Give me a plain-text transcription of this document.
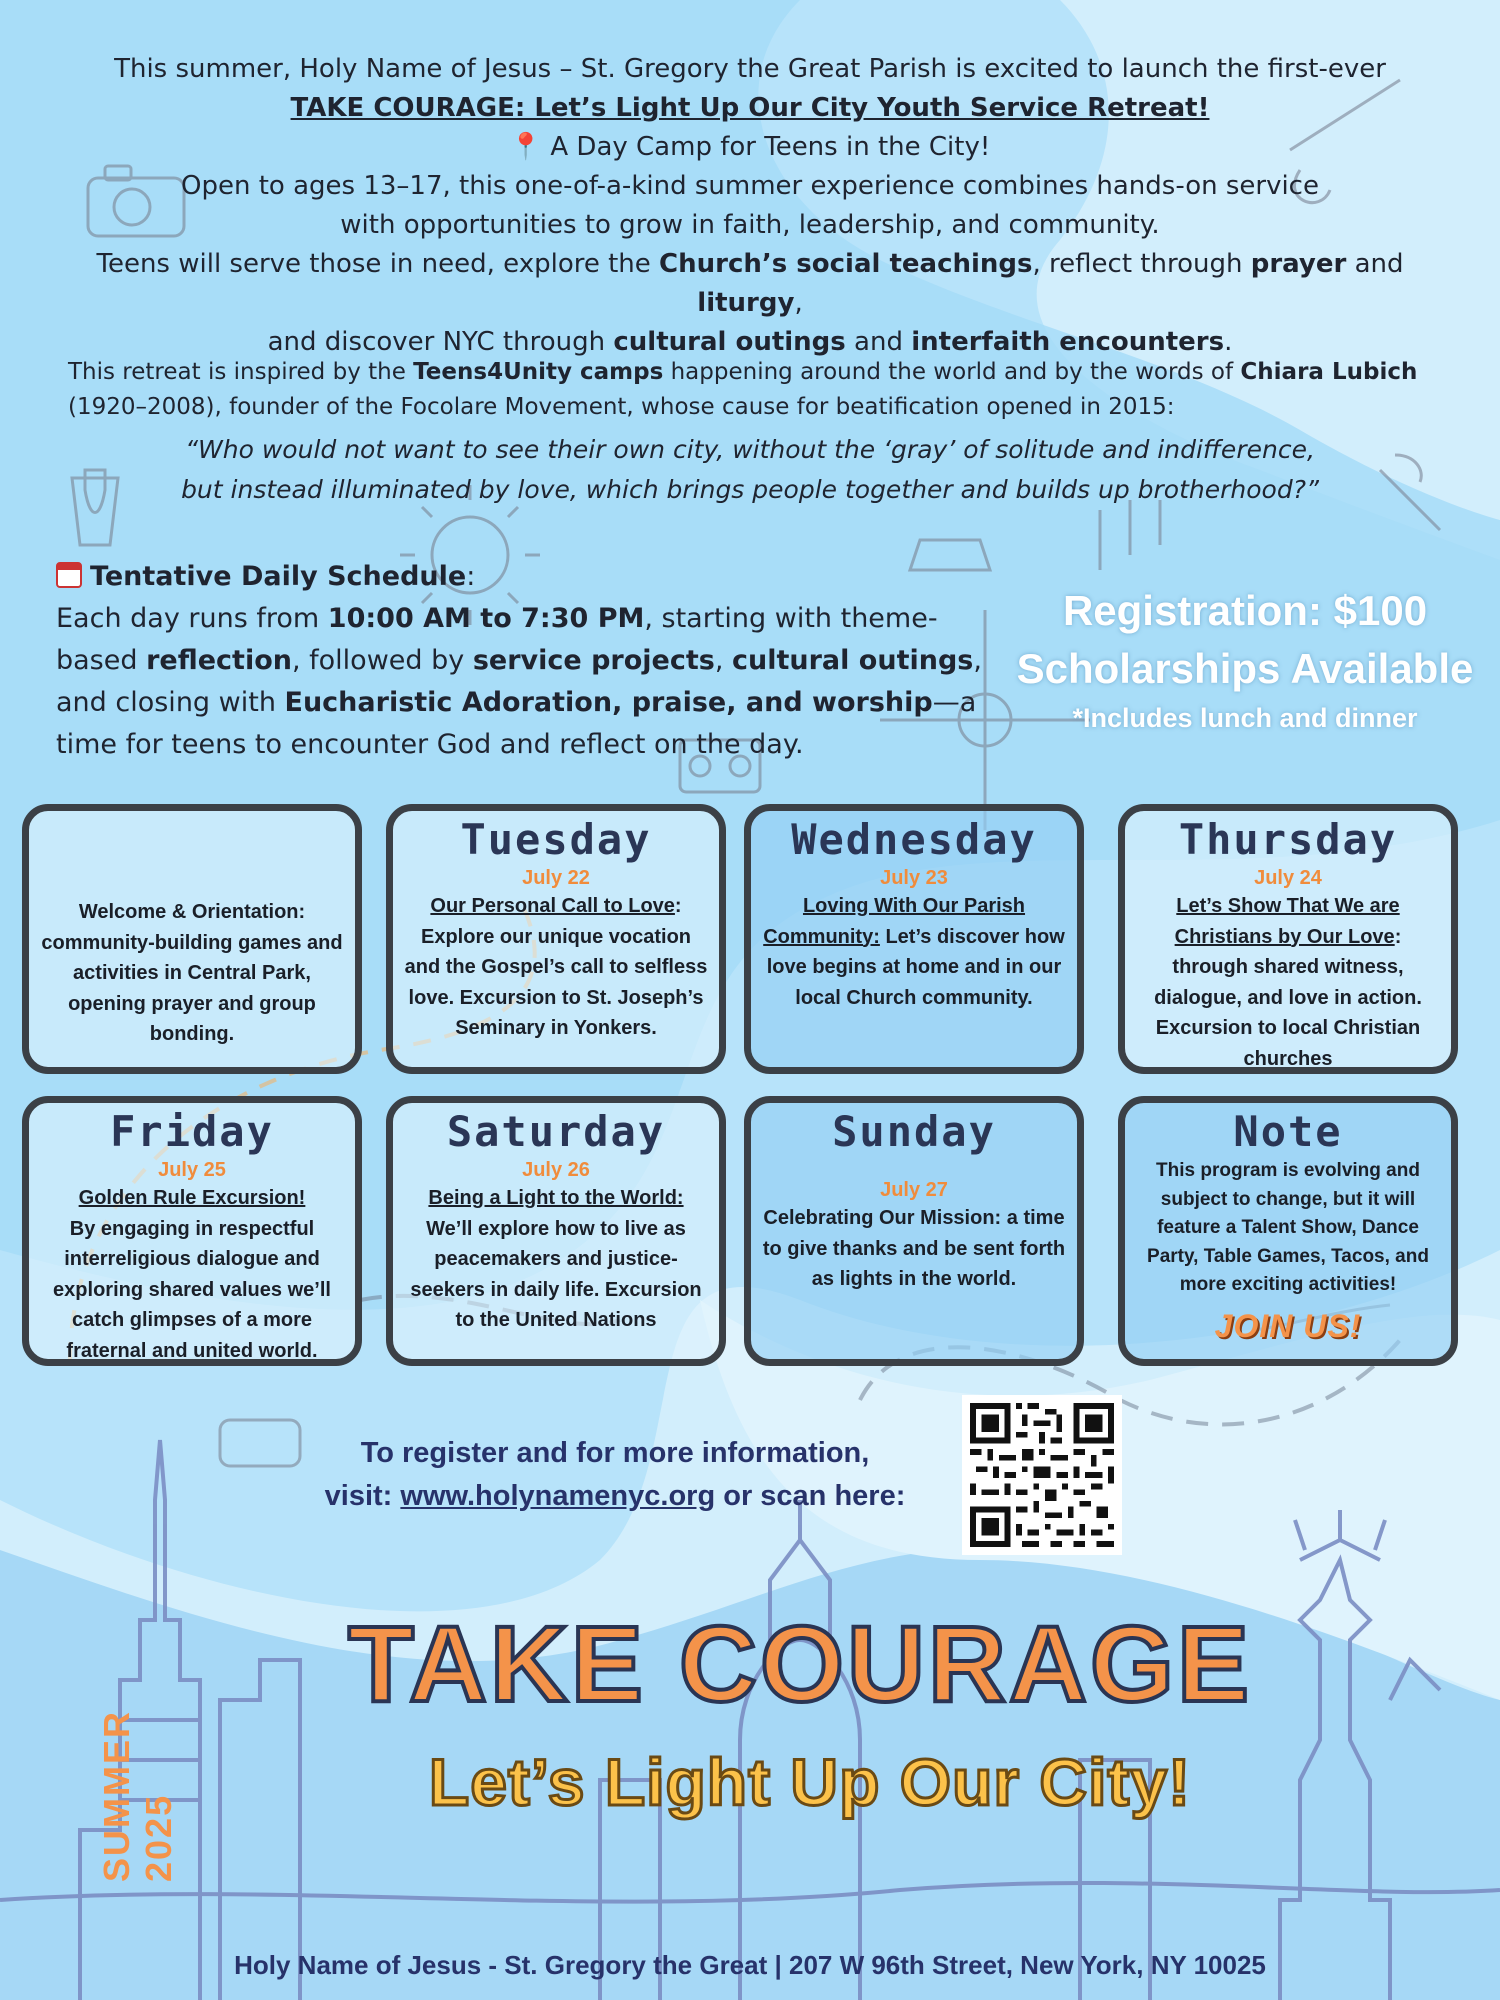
This summer, Holy Name of Jesus – St. Gregory the Great Parish is excited to launch the first-ever

TAKE COURAGE: Let’s Light Up Our City Youth Service Retreat!

📍 A Day Camp for Teens in the City!

Open to ages 13–17, this one-of-a-kind summer experience combines hands-on service

with opportunities to grow in faith, leadership, and community.

Teens will serve those in need, explore the Church’s social teachings, reflect through prayer and liturgy,

and discover NYC through cultural outings and interfaith encounters.

This retreat is inspired by the Teens4Unity camps happening around the world and by the words of Chiara Lubich
(1920–2008), founder of the Focolare Movement, whose cause for beatification opened in 2015:
“Who would not want to see their own city, without the ‘gray’ of solitude and indifference,
but instead illuminated by love, which brings people together and builds up brotherhood?”
Tentative Daily Schedule:
Each day runs from 10:00 AM to 7:30 PM, starting with theme-based reflection, followed by service projects, cultural outings, and closing with Eucharistic Adoration, praise, and worship—a time for teens to encounter God and reflect on the day.
Registration: $100
Scholarships Available
*Includes lunch and dinner
Welcome & Orientation: community-building games and activities in Central Park, opening prayer and group bonding.
Tuesday
July 22
Our Personal Call to Love: Explore our unique vocation and the Gospel’s call to selfless love. Excursion to St. Joseph’s Seminary in Yonkers.
Wednesday
July 23
Loving With Our Parish Community: Let’s discover how love begins at home and in our local Church community.
Thursday
July 24
Let’s Show That We are Christians by Our Love: through shared witness, dialogue, and love in action. Excursion to local Christian churches
Friday
July 25
Golden Rule Excursion!
By engaging in respectful interreligious dialogue and exploring shared values we’ll catch glimpses of a more fraternal and united world.
Saturday
July 26
Being a Light to the World:
We’ll explore how to live as peacemakers and justice-seekers in daily life. Excursion to the United Nations
Sunday
July 27
Celebrating Our Mission: a time to give thanks and be sent forth as lights in the world.
Note
This program is evolving and subject to change, but it will feature a Talent Show, Dance Party, Table Games, Tacos, and more exciting activities!
JOIN US!
To register and for more information,
visit: www.holynamenyc.org or scan here:
SUMMER 2025
TAKE COURAGE
Let’s Light Up Our City!
Holy Name of Jesus - St. Gregory the Great | 207 W 96th Street, New York, NY 10025
